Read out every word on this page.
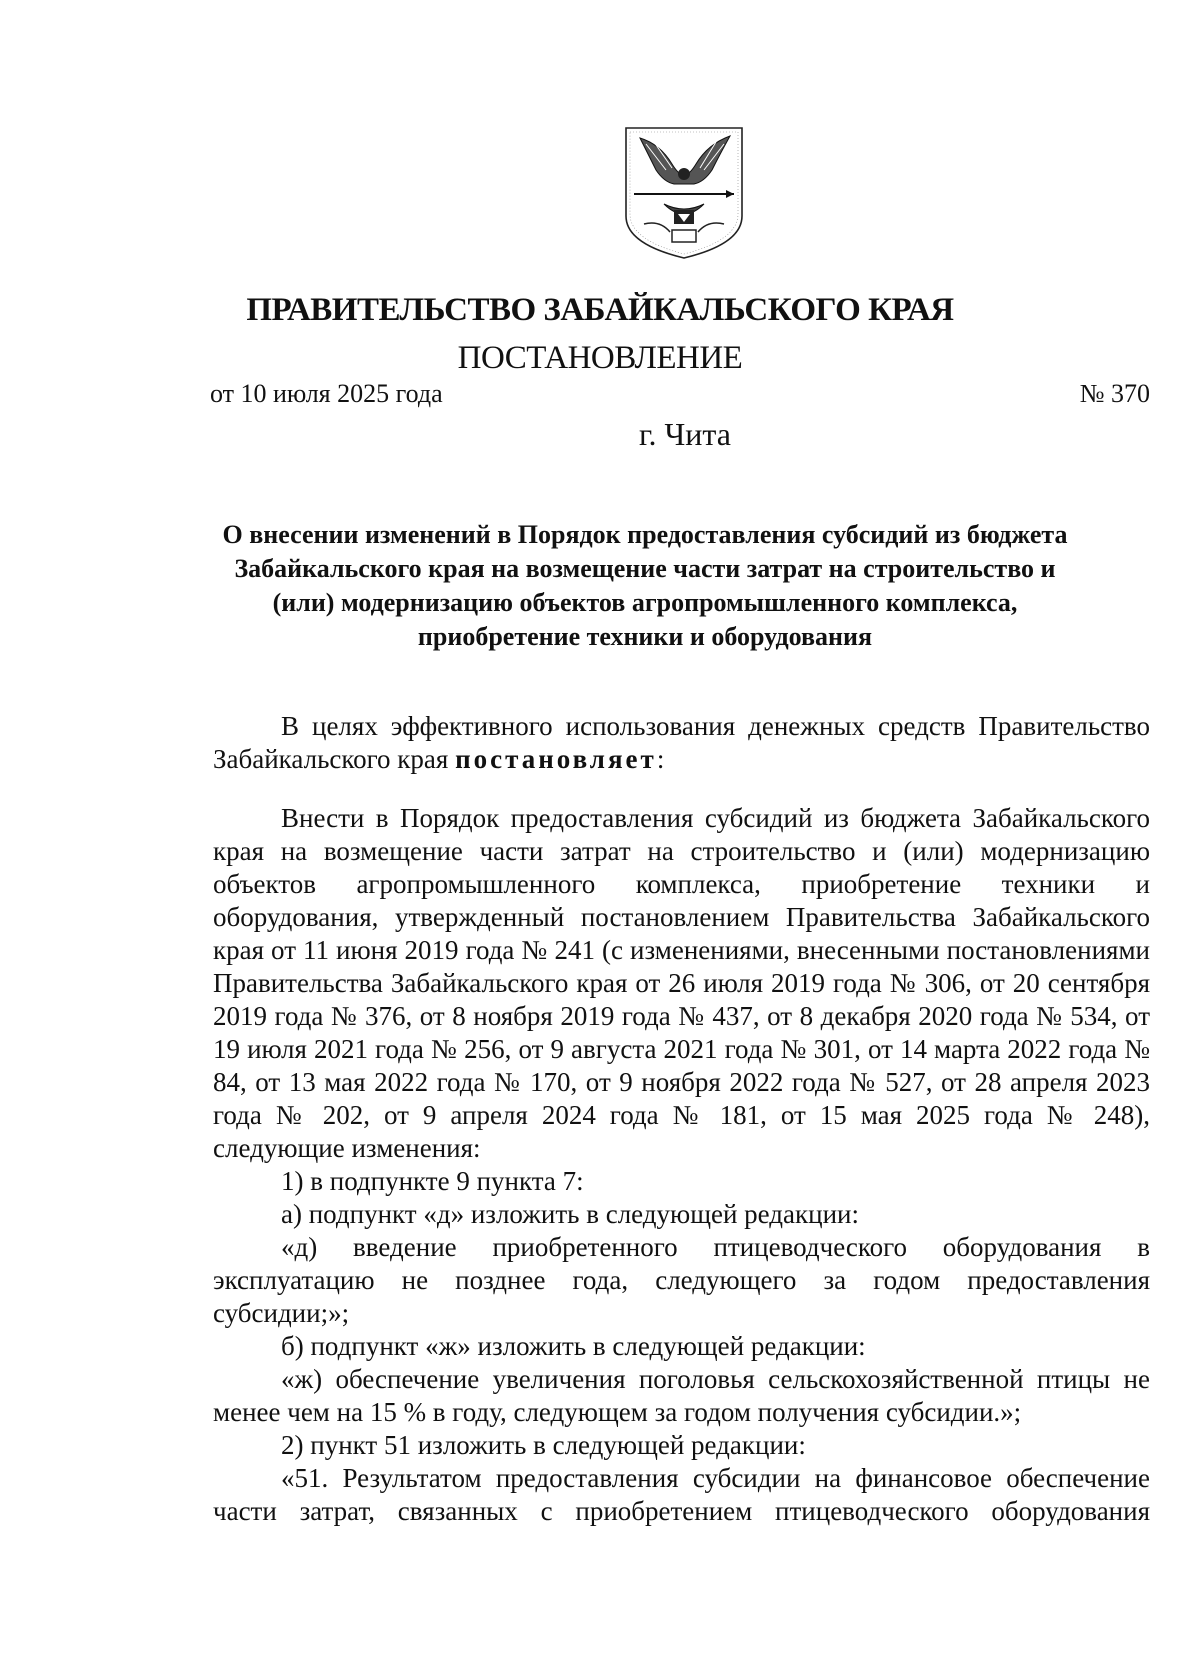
ПРАВИТЕЛЬСТВО ЗАБАЙКАЛЬСКОГО КРАЯ
ПОСТАНОВЛЕНИЕ
от 10 июля 2025 года	№ 370
г. Чита
О внесении изменений в Порядок предоставления субсидий из бюджета
Забайкальского края на возмещение части затрат на строительство и
(или) модернизацию объектов агропромышленного комплекса,
приобретение техники и оборудования

В целях эффективного использования денежных средств Правительство Забайкальского края постановляет:

Внести в Порядок предоставления субсидий из бюджета Забайкальского края на возмещение части затрат на строительство и (или) модернизацию объектов агропромышленного комплекса, приобретение техники и оборудования, утвержденный постановлением Правительства Забайкальского края от 11 июня 2019 года № 241 (с изменениями, внесенными постановлениями Правительства Забайкальского края от 26 июля 2019 года № 306, от 20 сентября 2019 года № 376, от 8 ноября 2019 года № 437, от 8 декабря 2020 года № 534, от 19 июля 2021 года № 256, от 9 августа 2021 года № 301, от 14 марта 2022 года № 84, от 13 мая 2022 года № 170, от 9 ноября 2022 года № 527, от 28 апреля 2023 года № 202, от 9 апреля 2024 года № 181, от 15 мая 2025 года № 248), следующие изменения:

1) в подпункте 9 пункта 7:

а) подпункт «д» изложить в следующей редакции:

«д) введение приобретенного птицеводческого оборудования в эксплуатацию не позднее года, следующего за годом предоставления субсидии;»;

б) подпункт «ж» изложить в следующей редакции:

«ж) обеспечение увеличения поголовья сельскохозяйственной птицы не менее чем на 15 % в году, следующем за годом получения субсидии.»;

2) пункт 51 изложить в следующей редакции:

«51. Результатом предоставления субсидии на финансовое обеспечение части затрат, связанных с приобретением птицеводческого оборудования
